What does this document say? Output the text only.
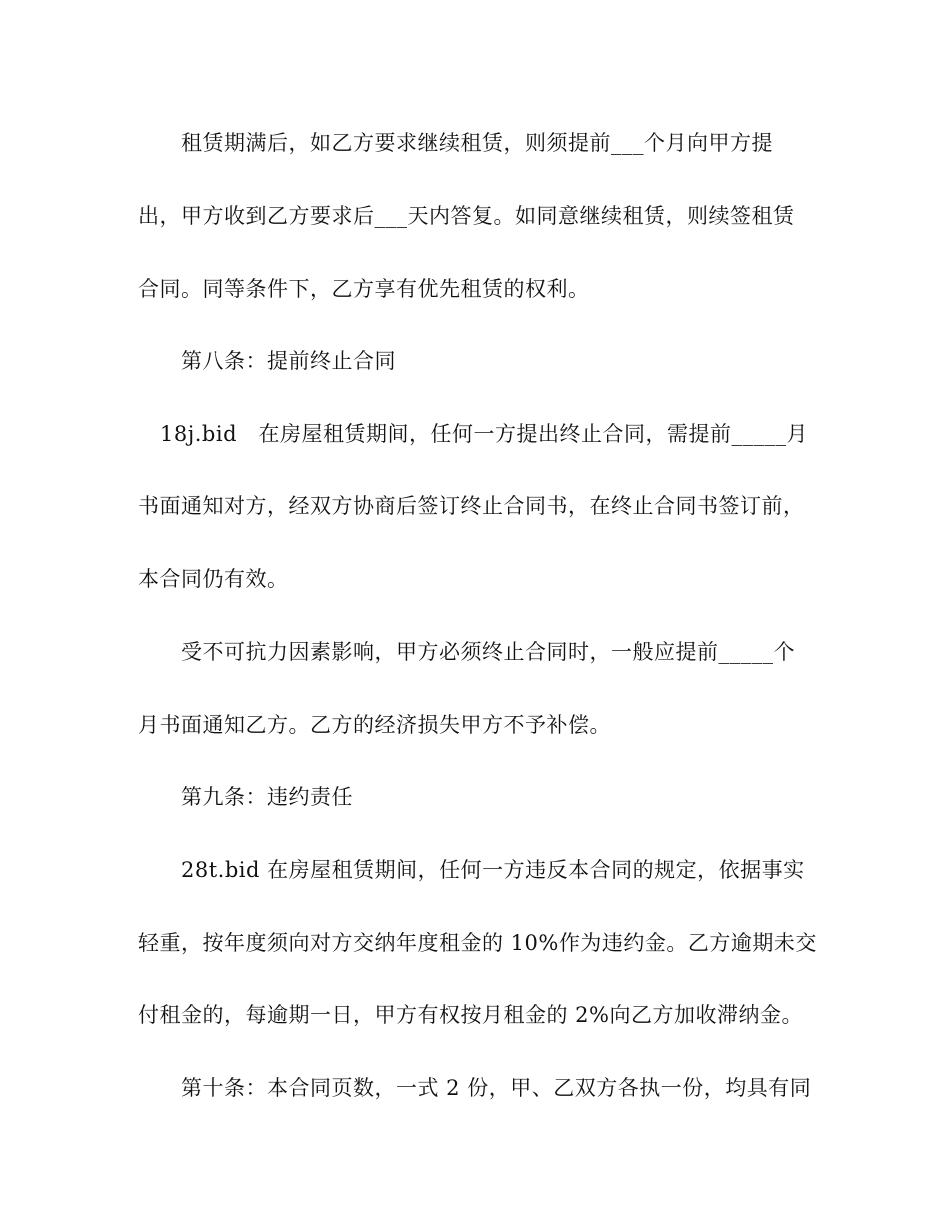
租赁期满后，如乙方要求继续租赁，则须提前___个月向甲方提
出，甲方收到乙方要求后___天内答复。如同意继续租赁，则续签租赁
合同。同等条件下，乙方享有优先租赁的权利。
第八条：提前终止合同
18j.bid　在房屋租赁期间，任何一方提出终止合同，需提前_____月
书面通知对方，经双方协商后签订终止合同书，在终止合同书签订前，
本合同仍有效。
受不可抗力因素影响，甲方必须终止合同时，一般应提前_____个
月书面通知乙方。乙方的经济损失甲方不予补偿。
第九条：违约责任
28t.bid 在房屋租赁期间，任何一方违反本合同的规定，依据事实
轻重，按年度须向对方交纳年度租金的 10%作为违约金。乙方逾期未交
付租金的，每逾期一日，甲方有权按月租金的 2%向乙方加收滞纳金。
第十条：本合同页数，一式 2 份，甲、乙双方各执一份，均具有同
